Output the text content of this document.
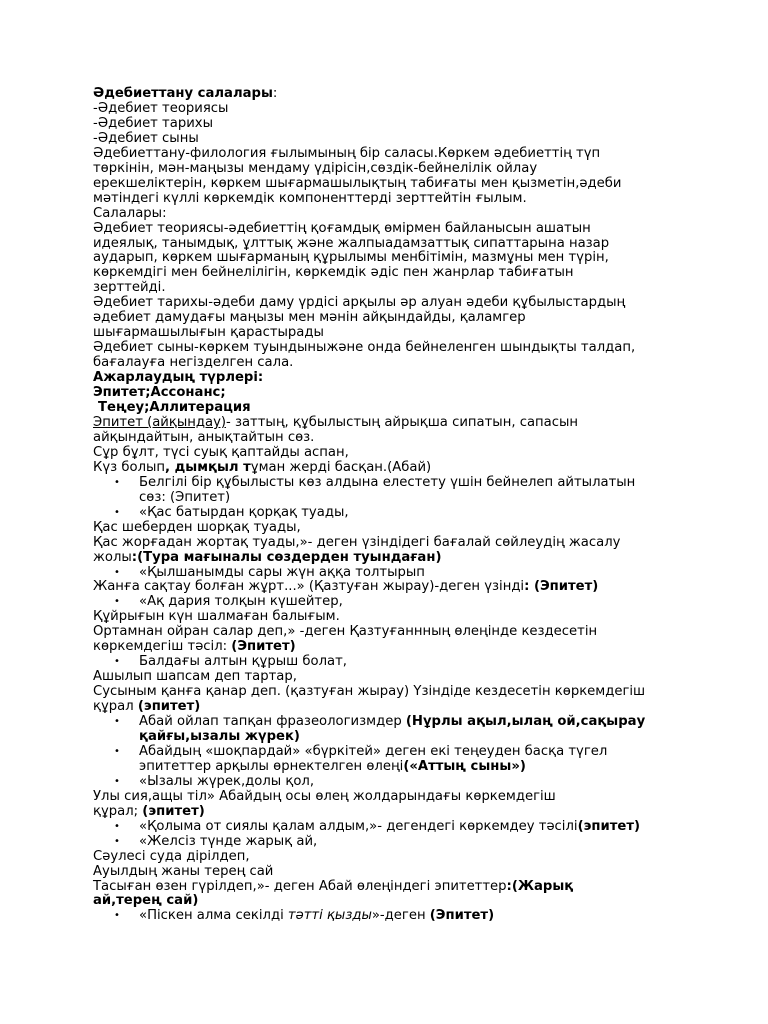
Әдебиеттану салалары:
-Әдебиет теориясы
-Әдебиет тарихы
-Әдебиет сыны
Әдебиеттану-филология ғылымының бір саласы.Көркем әдебиеттің түп
төркінін, мән-маңызы мендаму үдірісін,сөздік-бейнелілік ойлау
ерекшеліктерін, көркем шығармашылықтың табиғаты мен қызметін,әдеби
мәтіндегі күллі көркемдік компоненттерді зерттейтін ғылым.
Салалары:
Әдебиет теориясы-әдебиеттің қоғамдық өмірмен байланысын ашатын
идеялық, танымдық, ұлттық және жалпыадамзаттық сипаттарына назар
аударып, көркем шығарманың құрылымы менбітімін, мазмұны мен түрін,
көркемдігі мен бейнелілігін, көркемдік әдіс пен жанрлар табиғатын
зерттейді.
Әдебиет тарихы-әдеби даму үрдісі арқылы әр алуан әдеби құбылыстардың
әдебиет дамудағы маңызы мен мәнін айқындайды, қаламгер
шығармашылығын қарастырады
Әдебиет сыны-көркем туындыныжәне онда бейнеленген шындықты талдап,
бағалауға негізделген сала.
Ажарлаудың түрлері:
Эпитет;Ассонанс;
Теңеу;Аллитерация
Эпитет (айқындау)- заттың, құбылыстың айрықша сипатын, сапасын
айқындайтын, анықтайтын сөз.
Сұр бұлт, түсі суық қаптайды аспан,
Күз болып, дымқыл тұман жерді басқан.(Абай)
• Белгілі бір құбылысты көз алдына елестету үшін бейнелеп айтылатын
сөз: (Эпитет)
• «Қас батырдан қорқақ туады,
Қас шеберден шорқақ туады,
Қас жорғадан жортақ туады,»- деген үзіндідегі бағалай сөйлеудің жасалу
жолы:(Тура мағыналы сөздерден туындаған)
• «Қылшанымды сары жүн аққа толтырып
Жанға сақтау болған жұрт...» (Қазтуған жырау)-деген үзінді: (Эпитет)
• «Ақ дария толқын күшейтер,
Құйрығын күн шалмаған балығым.
Ортамнан ойран салар деп,» -деген Қазтуғаннның өлеңінде кездесетін
көркемдегіш тәсіл: (Эпитет)
• Балдағы алтын құрыш болат,
Ашылып шапсам деп тартар,
Сусыным қанға қанар деп. (қазтуған жырау) Үзіндіде кездесетін көркемдегіш
құрал (эпитет)
• Абай ойлап тапқан фразеологизмдер (Нұрлы ақыл,ылаң ой,сақырау
қайғы,ызалы жүрек)
• Абайдың «шоқпардай» «бүркітей» деген екі теңеуден басқа түгел
эпитеттер арқылы өрнектелген өлеңі(«Аттың сыны»)
• «Ызалы жүрек,долы қол,
Улы сия,ащы тіл» Абайдың осы өлең жолдарындағы көркемдегіш
құрал; (эпитет)
• «Қолыма от сиялы қалам алдым,»- дегендегі көркемдеу тәсілі(эпитет)
• «Желсіз түнде жарық ай,
Сәулесі суда дірілдеп,
Ауылдың жаны терең сай
Тасыған өзен гүрілдеп,»- деген Абай өлеңіндегі эпитеттер:(Жарық
ай,терең сай)
• «Піскен алма секілді тәтті қызды»-деген (Эпитет)
